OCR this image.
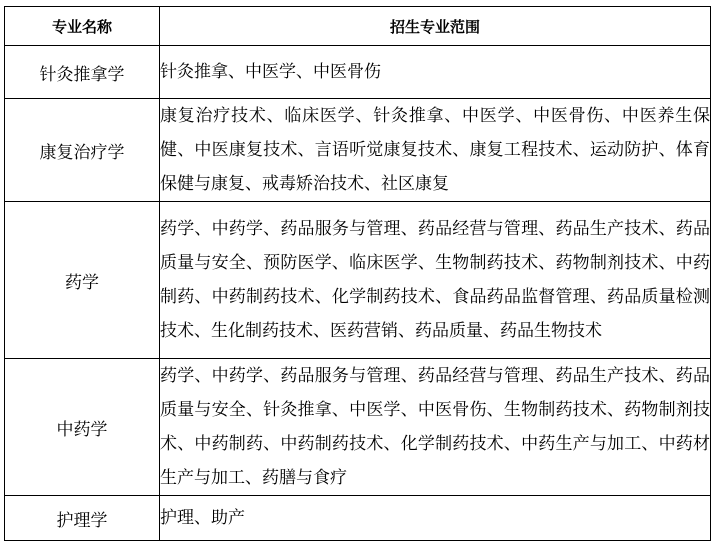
专业名称	招生专业范围
针灸推拿学	针灸推拿、中医学、中医骨伤
康复治疗学	康复治疗技术、临床医学、针灸推拿、中医学、中医骨伤、中医养生保健、中医康复技术、言语听觉康复技术、康复工程技术、运动防护、体育保健与康复、戒毒矫治技术、社区康复
药学	药学、中药学、药品服务与管理、药品经营与管理、药品生产技术、药品质量与安全、预防医学、临床医学、生物制药技术、药物制剂技术、中药制药、中药制药技术、化学制药技术、食品药品监督管理、药品质量检测技术、生化制药技术、医药营销、药品质量、药品生物技术
中药学	药学、中药学、药品服务与管理、药品经营与管理、药品生产技术、药品质量与安全、针灸推拿、中医学、中医骨伤、生物制药技术、药物制剂技术、中药制药、中药制药技术、化学制药技术、中药生产与加工、中药材生产与加工、药膳与食疗
护理学	护理、助产
